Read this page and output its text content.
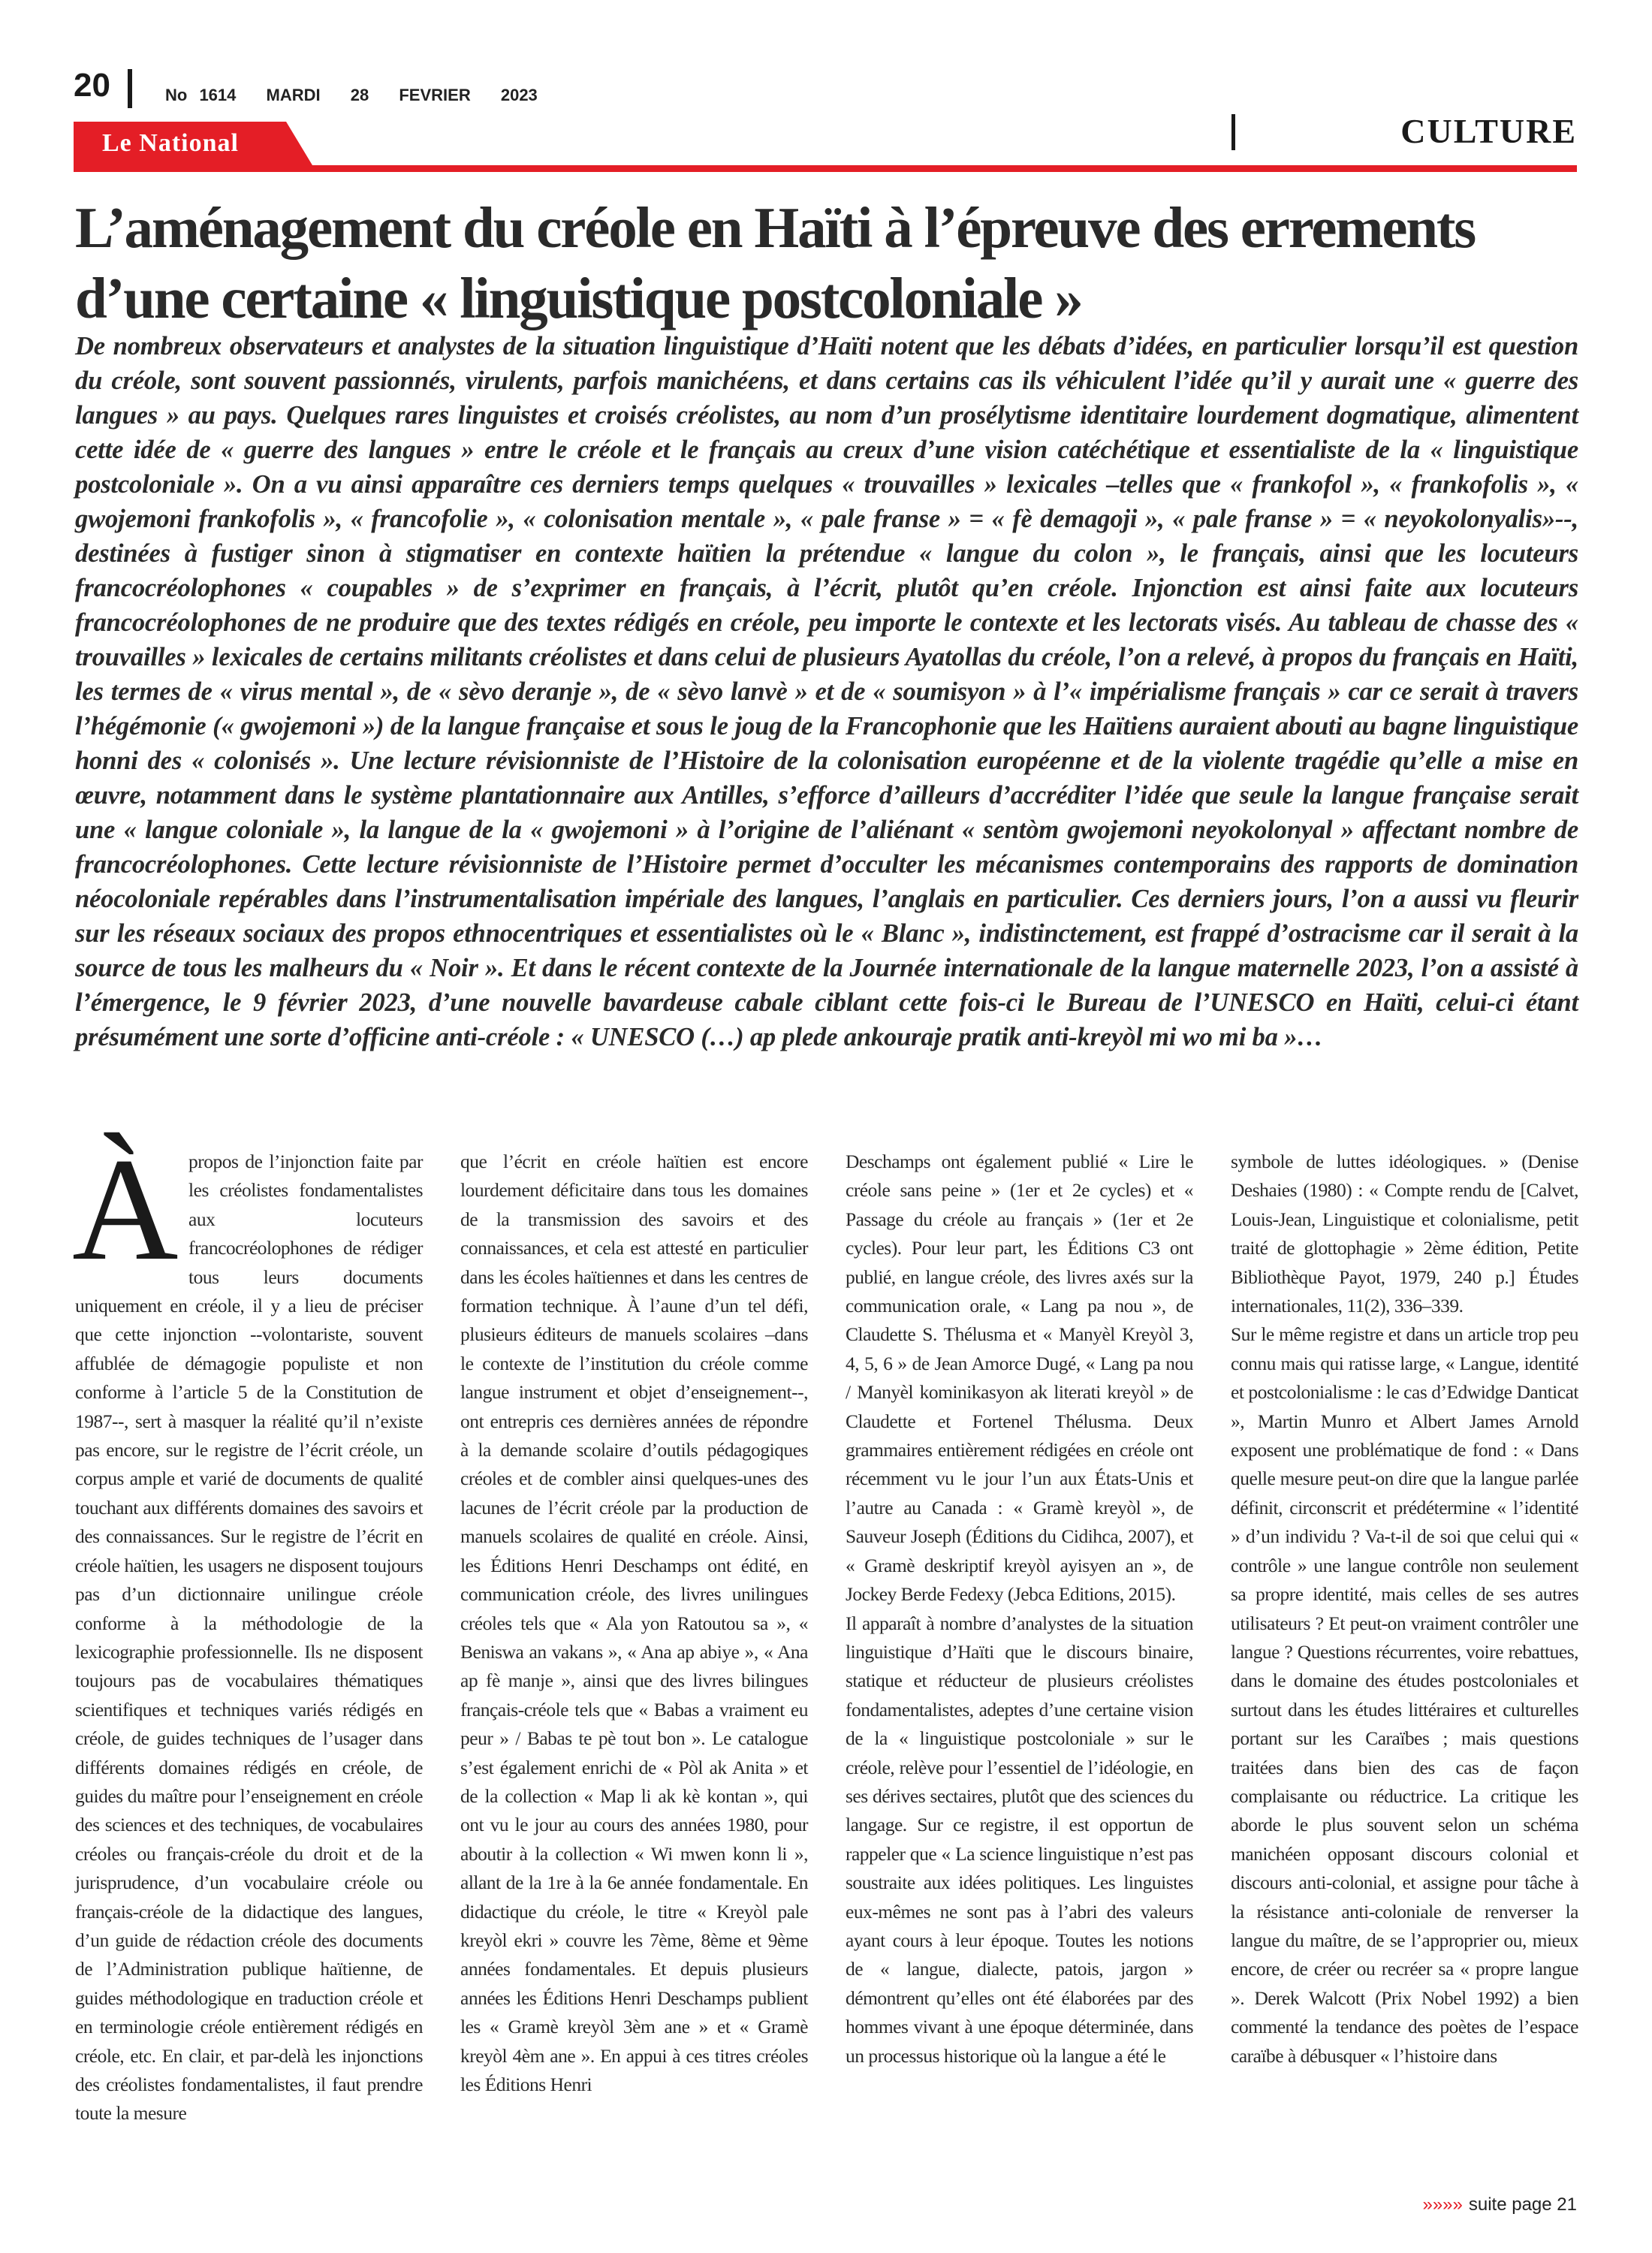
20	No 1614 MARDI 28 FEVRIER 2023
Le National	CULTURE
L’aménagement du créole en Haïti à l’épreuve des errements d’une certaine « linguistique postcoloniale »

De nombreux observateurs et analystes de la situation linguistique d’Haïti notent que les débats d’idées, en particulier lorsqu’il est question du créole, sont souvent passionnés, virulents, parfois manichéens, et dans certains cas ils véhiculent l’idée qu’il y aurait une « guerre des langues » au pays. Quelques rares linguistes et croisés créolistes, au nom d’un prosélytisme identitaire lourdement dogmatique, alimentent cette idée de « guerre des langues » entre le créole et le français au creux d’une vision catéchétique et essentialiste de la « linguistique postcoloniale ». On a vu ainsi apparaître ces derniers temps quelques « trouvailles » lexicales –telles que « frankofol », « frankofolis », « gwojemoni frankofolis », « francofolie », « colonisation mentale », « pale franse » = « fè demagoji », « pale franse » = « neyokolonyalis»--, destinées à fustiger sinon à stigmatiser en contexte haïtien la prétendue « langue du colon », le français, ainsi que les locuteurs francocréolophones « coupables » de s’exprimer en français, à l’écrit, plutôt qu’en créole. Injonction est ainsi faite aux locuteurs francocréolophones de ne produire que des textes rédigés en créole, peu importe le contexte et les lectorats visés. Au tableau de chasse des « trouvailles » lexicales de certains militants créolistes et dans celui de plusieurs Ayatollas du créole, l’on a relevé, à propos du français en Haïti, les termes de « virus mental », de « sèvo deranje », de « sèvo lanvè » et de « soumisyon » à l’« impérialisme français » car ce serait à travers l’hégémonie (« gwojemoni ») de la langue française et sous le joug de la Francophonie que les Haïtiens auraient abouti au bagne linguistique honni des « colonisés ». Une lecture révisionniste de l’Histoire de la colonisation européenne et de la violente tragédie qu’elle a mise en œuvre, notamment dans le système plantationnaire aux Antilles, s’efforce d’ailleurs d’accréditer l’idée que seule la langue française serait une « langue coloniale », la langue de la « gwojemoni » à l’origine de l’aliénant « sentòm gwojemoni neyokolonyal » affectant nombre de francocréolophones. Cette lecture révisionniste de l’Histoire permet d’occulter les mécanismes contemporains des rapports de domination néocoloniale repérables dans l’instrumentalisation impériale des langues, l’anglais en particulier. Ces derniers jours, l’on a aussi vu fleurir sur les réseaux sociaux des propos ethnocentriques et essentialistes où le « Blanc », indistinctement, est frappé d’ostracisme car il serait à la source de tous les malheurs du « Noir ». Et dans le récent contexte de la Journée internationale de la langue maternelle 2023, l’on a assisté à l’émergence, le 9 février 2023, d’une nouvelle bavardeuse cabale ciblant cette fois-ci le Bureau de l’UNESCO en Haïti, celui-ci étant présumément une sorte d’officine anti-créole : « UNESCO (…) ap plede ankouraje pratik anti-kreyòl mi wo mi ba »…

Àpropos de l’injonction faite par les créolistes fondamentalistes aux locuteurs francocréolophones de rédiger tous leurs documents uniquement en créole, il y a lieu de préciser que cette injonction --volontariste, souvent affublée de démagogie populiste et non conforme à l’article 5 de la Constitution de 1987--, sert à masquer la réalité qu’il n’existe pas encore, sur le registre de l’écrit créole, un corpus ample et varié de documents de qualité touchant aux différents domaines des savoirs et des connaissances. Sur le registre de l’écrit en créole haïtien, les usagers ne disposent toujours pas d’un dictionnaire unilingue créole conforme à la méthodologie de la lexicographie professionnelle. Ils ne disposent toujours pas de vocabulaires thématiques scientifiques et techniques variés rédigés en créole, de guides techniques de l’usager dans différents domaines rédigés en créole, de guides du maître pour l’enseignement en créole des sciences et des techniques, de vocabulaires créoles ou français-créole du droit et de la jurisprudence, d’un vocabulaire créole ou français-créole de la didactique des langues, d’un guide de rédaction créole des documents de l’Administration publique haïtienne, de guides méthodologique en traduction créole et en terminologie créole entièrement rédigés en créole, etc. En clair, et par-delà les injonctions des créolistes fondamentalistes, il faut prendre toute la mesure

que l’écrit en créole haïtien est encore lourdement déficitaire dans tous les domaines de la transmission des savoirs et des connaissances, et cela est attesté en particulier dans les écoles haïtiennes et dans les centres de formation technique. À l’aune d’un tel défi, plusieurs éditeurs de manuels scolaires –dans le contexte de l’institution du créole comme langue instrument et objet d’enseignement--, ont entrepris ces dernières années de répondre à la demande scolaire d’outils pédagogiques créoles et de combler ainsi quelques-unes des lacunes de l’écrit créole par la production de manuels scolaires de qualité en créole. Ainsi, les Éditions Henri Deschamps ont édité, en communication créole, des livres unilingues créoles tels que « Ala yon Ratoutou sa », « Beniswa an vakans », « Ana ap abiye », « Ana ap fè manje », ainsi que des livres bilingues français-créole tels que « Babas a vraiment eu peur » / Babas te pè tout bon ». Le catalogue s’est également enrichi de « Pòl ak Anita » et de la collection « Map li ak kè kontan », qui ont vu le jour au cours des années 1980, pour aboutir à la collection « Wi mwen konn li », allant de la 1re à la 6e année fondamentale. En didactique du créole, le titre « Kreyòl pale kreyòl ekri » couvre les 7ème, 8ème et 9ème années fondamentales. Et depuis plusieurs années les Éditions Henri Deschamps publient les « Gramè kreyòl 3èm ane » et « Gramè kreyòl 4èm ane ». En appui à ces titres créoles les Éditions Henri

Deschamps ont également publié « Lire le créole sans peine » (1er et 2e cycles) et « Passage du créole au français » (1er et 2e cycles). Pour leur part, les Éditions C3 ont publié, en langue créole, des livres axés sur la communication orale, « Lang pa nou », de Claudette S. Thélusma et « Manyèl Kreyòl 3, 4, 5, 6 » de Jean Amorce Dugé, « Lang pa nou / Manyèl kominikasyon ak literati kreyòl » de Claudette et Fortenel Thélusma. Deux grammaires entièrement rédigées en créole ont récemment vu le jour l’un aux États-Unis et l’autre au Canada : « Gramè kreyòl », de Sauveur Joseph (Éditions du Cidihca, 2007), et « Gramè deskriptif kreyòl ayisyen an », de Jockey Berde Fedexy (Jebca Editions, 2015).

Il apparaît à nombre d’analystes de la situation linguistique d’Haïti que le discours binaire, statique et réducteur de plusieurs créolistes fondamentalistes, adeptes d’une certaine vision de la « linguistique postcoloniale » sur le créole, relève pour l’essentiel de l’idéologie, en ses dérives sectaires, plutôt que des sciences du langage. Sur ce registre, il est opportun de rappeler que « La science linguistique n’est pas soustraite aux idées politiques. Les linguistes eux-mêmes ne sont pas à l’abri des valeurs ayant cours à leur époque. Toutes les notions de « langue, dialecte, patois, jargon » démontrent qu’elles ont été élaborées par des hommes vivant à une époque déterminée, dans un processus historique où la langue a été le

symbole de luttes idéologiques. » (Denise Deshaies (1980) : « Compte rendu de [Calvet, Louis-Jean, Linguistique et colonialisme, petit traité de glottophagie » 2ème édition, Petite Bibliothèque Payot, 1979, 240 p.] Études internationales, 11(2), 336–339.

Sur le même registre et dans un article trop peu connu mais qui ratisse large, « Langue, identité et postcolonialisme : le cas d’Edwidge Danticat », Martin Munro et Albert James Arnold exposent une problématique de fond : « Dans quelle mesure peut-on dire que la langue parlée définit, circonscrit et prédétermine « l’identité » d’un individu ? Va-t-il de soi que celui qui « contrôle » une langue contrôle non seulement sa propre identité, mais celles de ses autres utilisateurs ? Et peut-on vraiment contrôler une langue ? Questions récurrentes, voire rebattues, dans le domaine des études postcoloniales et surtout dans les études littéraires et culturelles portant sur les Caraïbes ; mais questions traitées dans bien des cas de façon complaisante ou réductrice. La critique les aborde le plus souvent selon un schéma manichéen opposant discours colonial et discours anti-colonial, et assigne pour tâche à la résistance anti-coloniale de renverser la langue du maître, de se l’approprier ou, mieux encore, de créer ou recréer sa « propre langue ». Derek Walcott (Prix Nobel 1992) a bien commenté la tendance des poètes de l’espace caraïbe à débusquer « l’histoire dans

»»»» suite page 21
